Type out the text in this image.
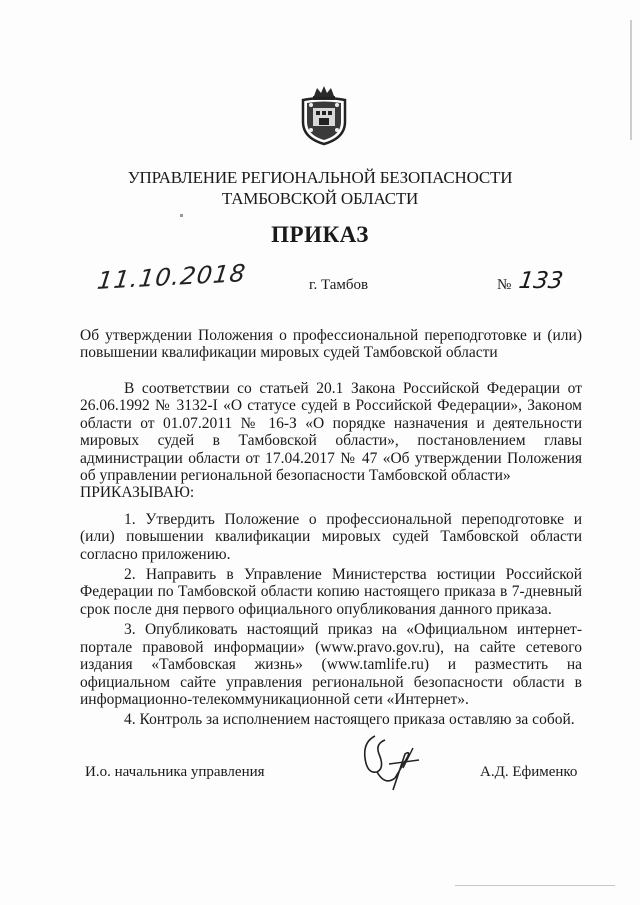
УПРАВЛЕНИЕ РЕГИОНАЛЬНОЙ БЕЗОПАСНОСТИ
ТАМБОВСКОЙ ОБЛАСТИ
ПРИКАЗ
11.10.2018	г. Тамбов	№ 133
Об утверждении Положения о профессиональной переподготовке и (или) повышении квалификации мировых судей Тамбовской области

В соответствии со статьей 20.1 Закона Российской Федерации от 26.06.1992 № 3132-I «О статусе судей в Российской Федерации», Законом области от 01.07.2011 № 16-З «О порядке назначения и деятельности мировых судей в Тамбовской области», постановлением главы администрации области от 17.04.2017 № 47 «Об утверждении Положения об управлении региональной безопасности Тамбовской области»

ПРИКАЗЫВАЮ:

1. Утвердить Положение о профессиональной переподготовке и (или) повышении квалификации мировых судей Тамбовской области согласно приложению.

2. Направить в Управление Министерства юстиции Российской Федерации по Тамбовской области копию настоящего приказа в 7-дневный срок после дня первого официального опубликования данного приказа.

3. Опубликовать настоящий приказ на «Официальном интернет-портале правовой информации» (www.pravo.gov.ru), на сайте сетевого издания «Тамбовская жизнь» (www.tamlife.ru) и разместить на официальном сайте управления региональной безопасности области в информационно-телекоммуникационной сети «Интернет».

4. Контроль за исполнением настоящего приказа оставляю за собой.

И.о. начальника управления	А.Д. Ефименко
